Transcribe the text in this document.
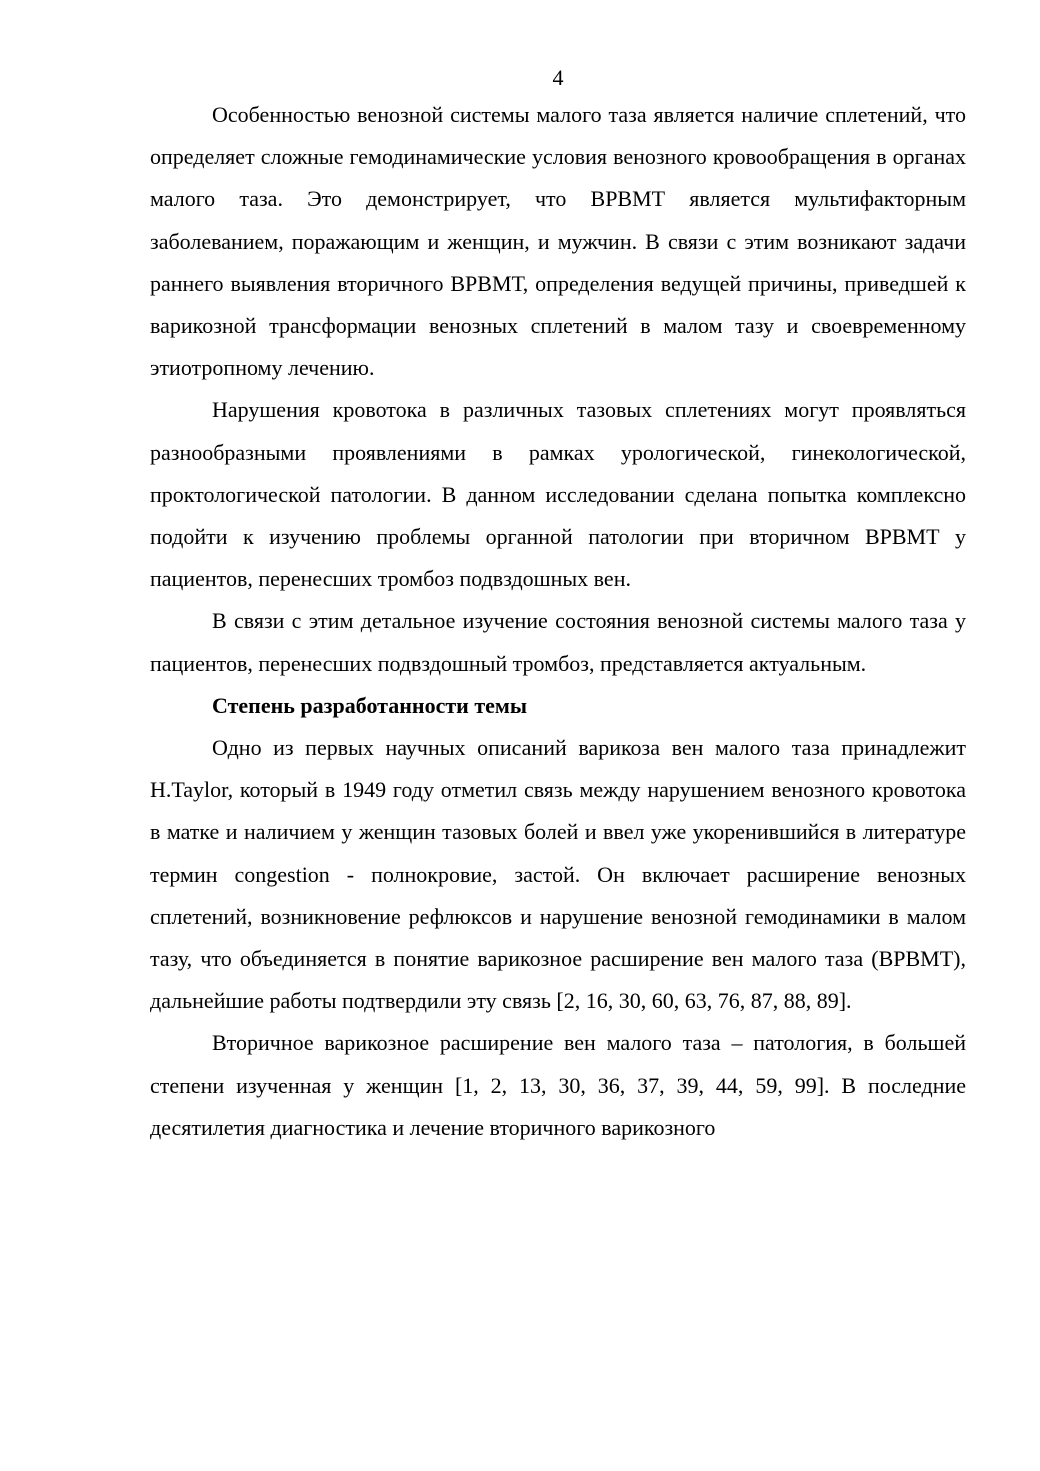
4

Особенностью венозной системы малого таза является наличие сплетений, что определяет сложные гемодинамические условия венозного кровообращения в органах малого таза. Это демонстрирует, что ВРВМТ является мультифакторным заболеванием, поражающим и женщин, и мужчин. В связи с этим возникают задачи раннего выявления вторичного ВРВМТ, определения ведущей причины, приведшей к варикозной трансформации венозных сплетений в малом тазу и своевременному этиотропному лечению.

Нарушения кровотока в различных тазовых сплетениях могут проявляться разнообразными проявлениями в рамках урологической, гинекологической, проктологической патологии. В данном исследовании сделана попытка комплексно подойти к изучению проблемы органной патологии при вторичном ВРВМТ у пациентов, перенесших тромбоз подвздошных вен.

В связи с этим детальное изучение состояния венозной системы малого таза у пациентов, перенесших подвздошный тромбоз, представляется актуальным.

Степень разработанности темы

Одно из первых научных описаний варикоза вен малого таза принадлежит H.Taylor, который в 1949 году отметил связь между нарушением венозного кровотока в матке и наличием у женщин тазовых болей и ввел уже укоренившийся в литературе термин congestion - полнокровие, застой. Он включает расширение венозных сплетений, возникновение рефлюксов и нарушение венозной гемодинамики в малом тазу, что объединяется в понятие варикозное расширение вен малого таза (ВРВМТ), дальнейшие работы подтвердили эту связь [2, 16, 30, 60, 63, 76, 87, 88, 89].

Вторичное варикозное расширение вен малого таза – патология, в большей степени изученная у женщин [1, 2, 13, 30, 36, 37, 39, 44, 59, 99]. В последние десятилетия диагностика и лечение вторичного варикозного
